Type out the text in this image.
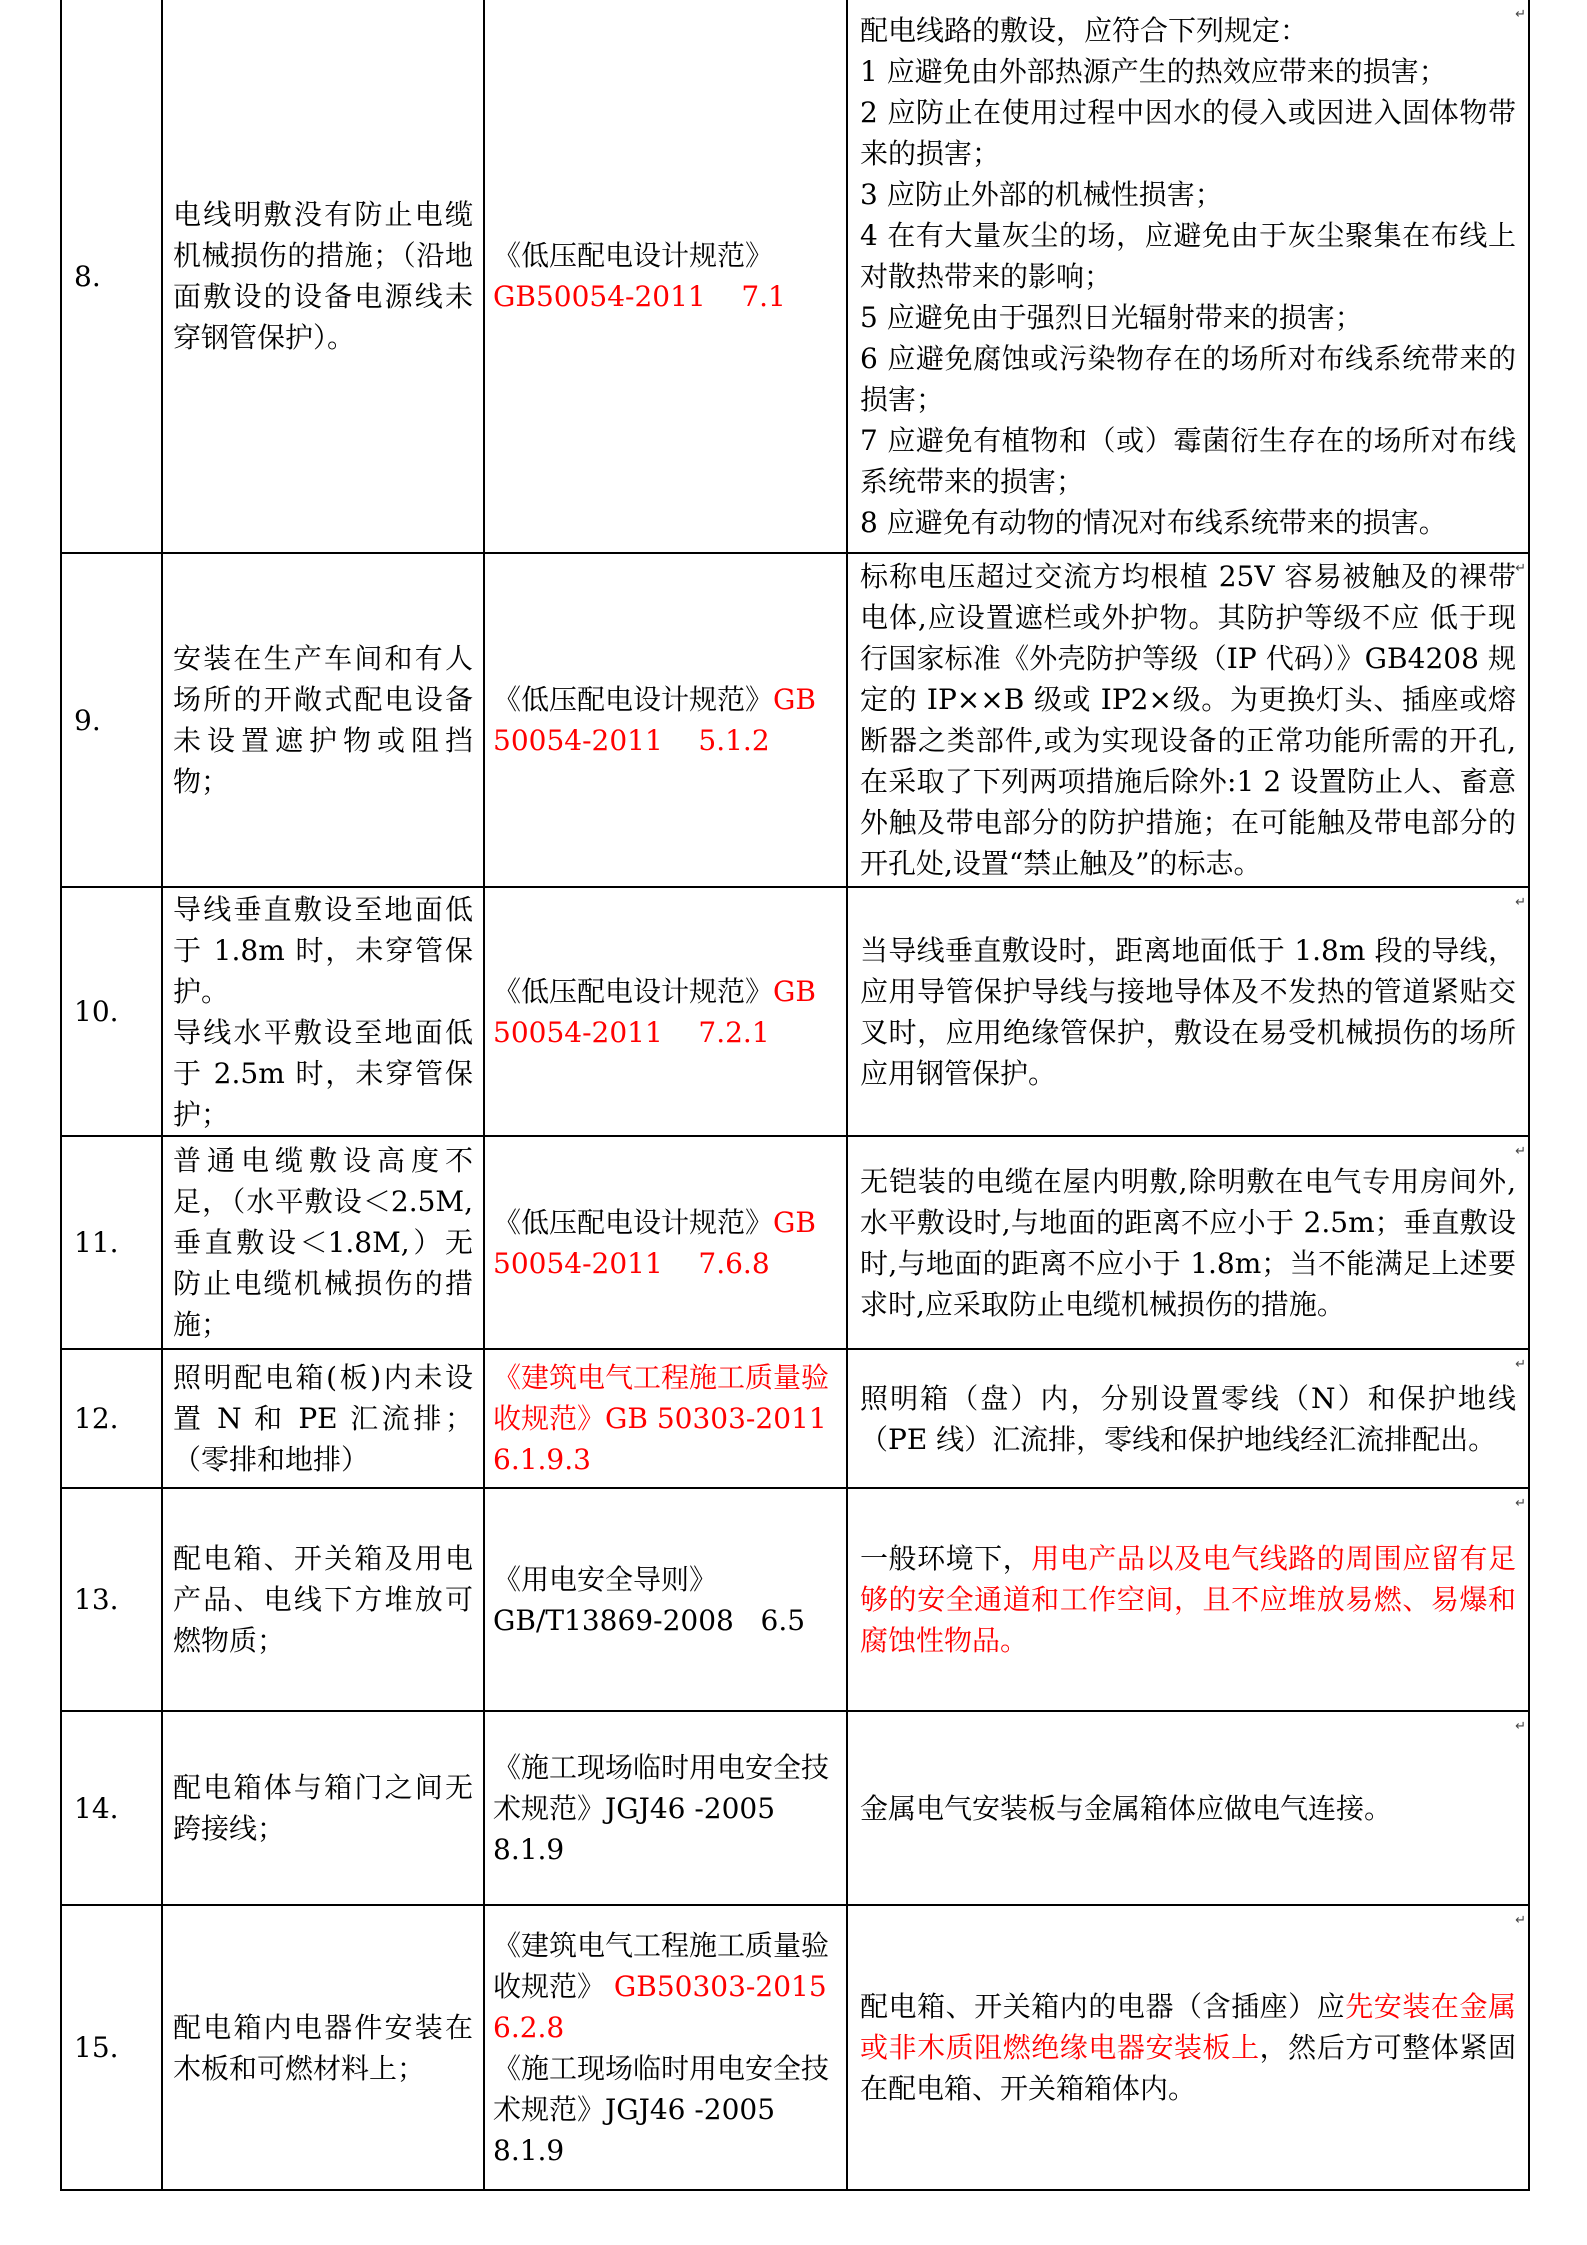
8.

电线明敷没有防止电缆机械损伤的措施；（沿地面敷设的设备电源线未穿钢管保护）。

《低压配电设计规范》GB50054-2011    7.1

↵

配电线路的敷设，应符合下列规定：

1 应避免由外部热源产生的热效应带来的损害；

2 应防止在使用过程中因水的侵入或因进入固体物带来的损害；

3 应防止外部的机械性损害；

4 在有大量灰尘的场，应避免由于灰尘聚集在布线上对散热带来的影响；

5 应避免由于强烈日光辐射带来的损害；

6 应避免腐蚀或污染物存在的场所对布线系统带来的损害；

7 应避免有植物和（或）霉菌衍生存在的场所对布线系统带来的损害；

8 应避免有动物的情况对布线系统带来的损害。

9.

安装在生产车间和有人场所的开敞式配电设备未设置遮护物或阻挡物；

《低压配电设计规范》GB 50054-2011    5.1.2

↵

标称电压超过交流方均根植 25V 容易被触及的裸带电体,应设置遮栏或外护物。其防护等级不应 低于现行国家标准《外壳防护等级（IP 代码）》GB4208 规定的 IP××B 级或 IP2×级。为更换灯头、插座或熔断器之类部件,或为实现设备的正常功能所需的开孔,在采取了下列两项措施后除外:1 2 设置防止人、畜意外触及带电部分的防护措施；在可能触及带电部分的开孔处,设置“禁止触及”的标志。

10.

导线垂直敷设至地面低于 1.8m 时，未穿管保护。

导线水平敷设至地面低于 2.5m 时，未穿管保护；

《低压配电设计规范》GB 50054-2011    7.2.1

↵

当导线垂直敷设时，距离地面低于 1.8m 段的导线，应用导管保护导线与接地导体及不发热的管道紧贴交叉时，应用绝缘管保护，敷设在易受机械损伤的场所应用钢管保护。

11.

普通电缆敷设高度不足，（水平敷设＜2.5M,垂直敷设＜1.8M,）无防止电缆机械损伤的措施；

《低压配电设计规范》GB 50054-2011    7.6.8

↵

无铠装的电缆在屋内明敷,除明敷在电气专用房间外,水平敷设时,与地面的距离不应小于 2.5m；垂直敷设时,与地面的距离不应小于 1.8m；当不能满足上述要求时,应采取防止电缆机械损伤的措施。

12.

照明配电箱(板)内未设置 N 和 PE 汇流排；（零排和地排）

《建筑电气工程施工质量验收规范》GB 50303-2011 6.1.9.3

↵

照明箱（盘）内，分别设置零线（N）和保护地线（PE 线）汇流排，零线和保护地线经汇流排配出。

13.

配电箱、开关箱及用电产品、电线下方堆放可燃物质；

《用电安全导则》GB/T13869-2008   6.5

↵

一般环境下，用电产品以及电气线路的周围应留有足够的安全通道和工作空间，且不应堆放易燃、易爆和腐蚀性物品。

14.

配电箱体与箱门之间无跨接线；

《施工现场临时用电安全技术规范》JGJ46 -2005   8.1.9

↵

金属电气安装板与金属箱体应做电气连接。

15.

配电箱内电器件安装在木板和可燃材料上；

《建筑电气工程施工质量验收规范》 GB50303-2015 6.2.8

《施工现场临时用电安全技术规范》JGJ46 -2005   8.1.9

↵

配电箱、开关箱内的电器（含插座）应先安装在金属或非木质阻燃绝缘电器安装板上，然后方可整体紧固在配电箱、开关箱箱体内。
